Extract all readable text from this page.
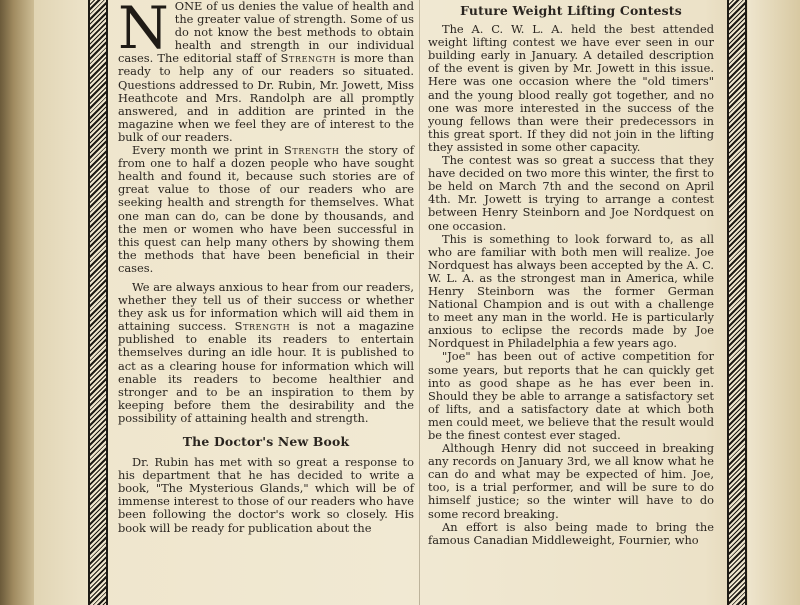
NONE of us denies the value of health and the greater value of strength. Some of us do not know the best methods to obtain health and strength in our individual cases. The editorial staff of Strength is more than ready to help any of our readers so situated. Questions addressed to Dr. Rubin, Mr. Jowett, Miss Heathcote and Mrs. Randolph are all promptly answered, and in addition are printed in the magazine when we feel they are of interest to the bulk of our readers.

Every month we print in Strength the story of from one to half a dozen people who have sought health and found it, because such stories are of great value to those of our readers who are seeking health and strength for themselves. What one man can do, can be done by thousands, and the men or women who have been successful in this quest can help many others by showing them the methods that have been beneficial in their cases.

We are always anxious to hear from our readers, whether they tell us of their success or whether they ask us for information which will aid them in attaining success. Strength is not a magazine published to enable its readers to entertain themselves during an idle hour. It is published to act as a clearing house for information which will enable its readers to become healthier and stronger and to be an inspiration to them by keeping before them the desirability and the possibility of attaining health and strength.

The Doctor's New Book

Dr. Rubin has met with so great a response to his department that he has decided to write a book, "The Mysterious Glands," which will be of immense interest to those of our readers who have been following the doctor's work so closely. His book will be ready for publication about the

Future Weight Lifting Contests

The A. C. W. L. A. held the best attended weight lifting contest we have ever seen in our building early in January. A detailed description of the event is given by Mr. Jowett in this issue. Here was one occasion where the "old timers" and the young blood really got together, and no one was more interested in the success of the young fellows than were their predecessors in this great sport. If they did not join in the lifting they assisted in some other capacity.

The contest was so great a success that they have decided on two more this winter, the first to be held on March 7th and the second on April 4th. Mr. Jowett is trying to arrange a contest between Henry Steinborn and Joe Nordquest on one occasion.

This is something to look forward to, as all who are familiar with both men will realize. Joe Nordquest has always been accepted by the A. C. W. L. A. as the strongest man in America, while Henry Steinborn was the former German National Champion and is out with a challenge to meet any man in the world. He is particularly anxious to eclipse the records made by Joe Nordquest in Philadelphia a few years ago.

"Joe" has been out of active competition for some years, but reports that he can quickly get into as good shape as he has ever been in. Should they be able to arrange a satisfactory set of lifts, and a satisfactory date at which both men could meet, we believe that the result would be the finest contest ever staged.

Although Henry did not succeed in breaking any records on January 3rd, we all know what he can do and what may be expected of him. Joe, too, is a trial performer, and will be sure to do himself justice; so the winter will have to do some record breaking.

An effort is also being made to bring the famous Canadian Middleweight, Fournier, who
